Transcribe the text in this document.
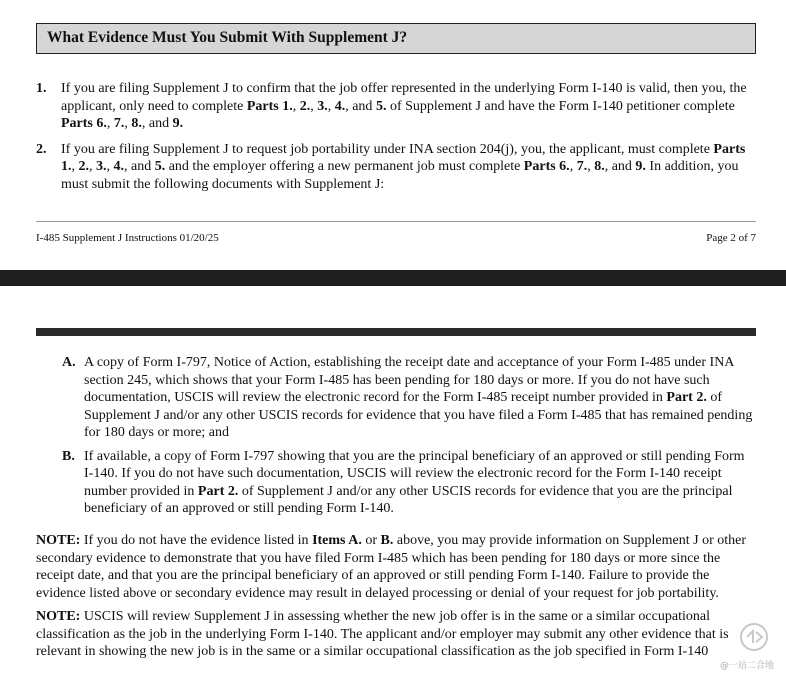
What Evidence Must You Submit With Supplement J?
1. If you are filing Supplement J to confirm that the job offer represented in the underlying Form I-140 is valid, then you, the applicant, only need to complete Parts 1., 2., 3., 4., and 5. of Supplement J and have the Form I-140 petitioner complete Parts 6., 7., 8., and 9.
2. If you are filing Supplement J to request job portability under INA section 204(j), you, the applicant, must complete Parts 1., 2., 3., 4., and 5. and the employer offering a new permanent job must complete Parts 6., 7., 8., and 9. In addition, you must submit the following documents with Supplement J:
I-485 Supplement J Instructions 01/20/25	Page 2 of 7
A. A copy of Form I-797, Notice of Action, establishing the receipt date and acceptance of your Form I-485 under INA section 245, which shows that your Form I-485 has been pending for 180 days or more. If you do not have such documentation, USCIS will review the electronic record for the Form I-485 receipt number provided in Part 2. of Supplement J and/or any other USCIS records for evidence that you have filed a Form I-485 that has remained pending for 180 days or more; and
B. If available, a copy of Form I-797 showing that you are the principal beneficiary of an approved or still pending Form I-140. If you do not have such documentation, USCIS will review the electronic record for the Form I-140 receipt number provided in Part 2. of Supplement J and/or any other USCIS records for evidence that you are the principal beneficiary of an approved or still pending Form I-140.
NOTE: If you do not have the evidence listed in Items A. or B. above, you may provide information on Supplement J or other secondary evidence to demonstrate that you have filed Form I-485 which has been pending for 180 days or more since the receipt date, and that you are the principal beneficiary of an approved or still pending Form I-140. Failure to provide the evidence listed above or secondary evidence may result in delayed processing or denial of your request for job portability.
NOTE: USCIS will review Supplement J in assessing whether the new job offer is in the same or a similar occupational classification as the job in the underlying Form I-140. The applicant and/or employer may submit any other evidence that is relevant in showing the new job is in the same or a similar occupational classification as the job specified in Form I-140
@一站二合地
